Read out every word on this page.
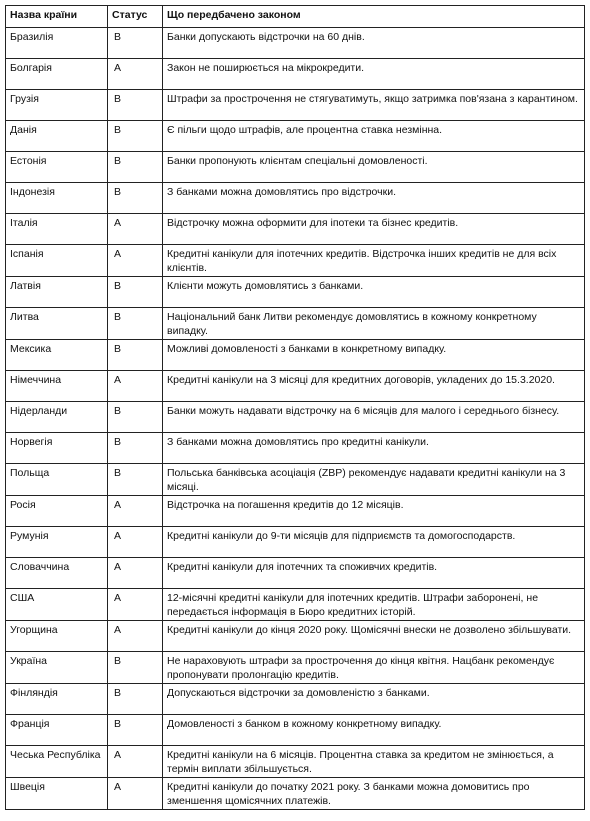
Назва країни	Статус	Що передбачено законом
Бразилія	B	Банки допускають відстрочки на 60 днів.
Болгарія	A	Закон не поширюється на мікрокредити.
Грузія	B	Штрафи за прострочення не стягуватимуть, якщо затримка пов'язана з карантином.
Данія	B	Є пільги щодо штрафів, але процентна ставка незмінна.
Естонія	B	Банки пропонують клієнтам спеціальні домовленості.
Індонезія	B	З банками можна домовлятись про відстрочки.
Італія	A	Відстрочку можна оформити для іпотеки та бізнес кредитів.
Іспанія	A	Кредитні канікули для іпотечних кредитів. Відстрочка інших кредитів не для всіх клієнтів.
Латвія	B	Клієнти можуть домовлятись з банками.
Литва	B	Національний банк Литви рекомендує домовлятись в кожному конкретному випадку.
Мексика	B	Можливі домовленості з банками в конкретному випадку.
Німеччина	A	Кредитні канікули на 3 місяці для кредитних договорів, укладених до 15.3.2020.
Нідерланди	B	Банки можуть надавати відстрочку на 6 місяців для малого і середнього бізнесу.
Норвегія	B	З банками можна домовлятись про кредитні канікули.
Польща	B	Польська банківська асоціація (ZBP) рекомендує надавати кредитні канікули на 3 місяці.
Росія	A	Відстрочка на погашення кредитів до 12 місяців.
Румунія	A	Кредитні канікули до 9-ти місяців для підприємств та домогосподарств.
Словаччина	A	Кредитні канікули для іпотечних та споживчих кредитів.
США	A	12-місячні кредитні канікули для іпотечних кредитів. Штрафи заборонені, не передається інформація в Бюро кредитних історій.
Угорщина	A	Кредитні канікули до кінця 2020 року. Щомісячні внески не дозволено збільшувати.
Україна	B	Не нараховують штрафи за прострочення до кінця квітня. Нацбанк рекомендує пропонувати пролонгацію кредитів.
Фінляндія	B	Допускаються відстрочки за домовленістю з банками.
Франція	B	Домовленості з банком в кожному конкретному випадку.
Чеська Республіка	A	Кредитні канікули на 6 місяців. Процентна ставка за кредитом не змінюється, а термін виплати збільшується.
Швеція	A	Кредитні канікули до початку 2021 року. З банками можна домовитись про зменшення щомісячних платежів.
